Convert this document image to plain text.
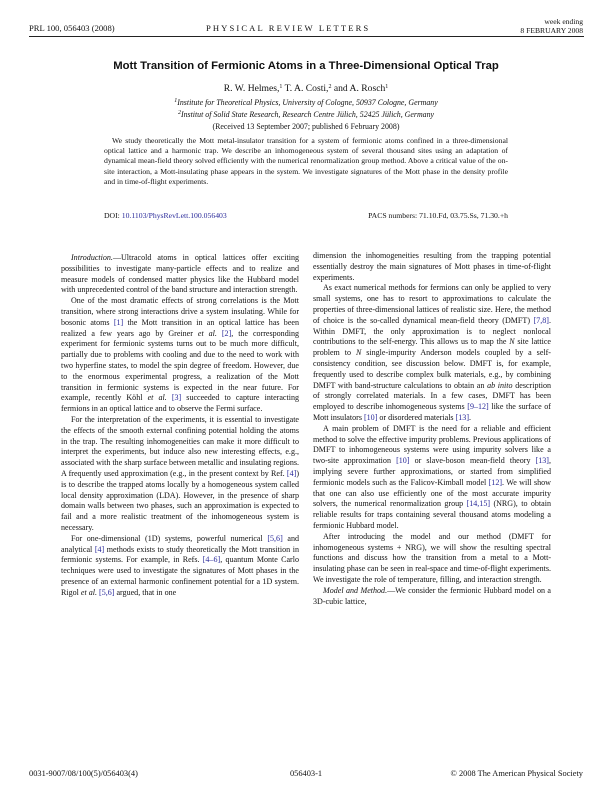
PRL 100, 056403 (2008)	PHYSICAL REVIEW LETTERS
week ending
8 FEBRUARY 2008
Mott Transition of Fermionic Atoms in a Three-Dimensional Optical Trap
R. W. Helmes,$^1$ T. A. Costi,$^2$ and A. Rosch$^1$
$^1$Institute for Theoretical Physics, University of Cologne, 50937 Cologne, Germany
$^2$Institut of Solid State Research, Research Centre Jülich, 52425 Jülich, Germany
(Received 13 September 2007; published 6 February 2008)
We study theoretically the Mott metal-insulator transition for a system of fermionic atoms confined in a three-dimensional optical lattice and a harmonic trap. We describe an inhomogeneous system of several thousand sites using an adaptation of dynamical mean-field theory solved efficiently with the numerical renormalization group method. Above a critical value of the on-site interaction, a Mott-insulating phase appears in the system. We investigate signatures of the Mott phase in the density profile and in time-of-flight experiments.
DOI: 10.1103/PhysRevLett.100.056403	PACS numbers: 71.10.Fd, 03.75.Ss, 71.30.+h

Introduction.—Ultracold atoms in optical lattices offer exciting possibilities to investigate many-particle effects and to realize and measure models of condensed matter physics like the Hubbard model with unprecedented control of the band structure and interaction strength.

One of the most dramatic effects of strong correlations is the Mott transition, where strong interactions drive a system insulating. While for bosonic atoms [1] the Mott transition in an optical lattice has been realized a few years ago by Greiner et al. [2], the corresponding experiment for fermionic systems turns out to be much more difficult, partially due to problems with cooling and due to the need to work with two hyperfine states, to model the spin degree of freedom. However, due to the enormous experimental progress, a realization of the Mott transition in fermionic systems is expected in the near future. For example, recently Köhl et al. [3] succeeded to capture interacting fermions in an optical lattice and to observe the Fermi surface.

For the interpretation of the experiments, it is essential to investigate the effects of the smooth external confining potential holding the atoms in the trap. The resulting inhomogeneities can make it more difficult to interpret the experiments, but induce also new interesting effects, e.g., associated with the sharp surface between metallic and insulating regions. A frequently used approximation (e.g., in the present context by Ref. [4]) is to describe the trapped atoms locally by a homogeneous system called local density approximation (LDA). However, in the presence of sharp domain walls between two phases, such an approximation is expected to fail and a more realistic treatment of the inhomogeneous system is necessary.

For one-dimensional (1D) systems, powerful numerical [5,6] and analytical [4] methods exists to study theoretically the Mott transition in fermionic systems. For example, in Refs. [4–6], quantum Monte Carlo techniques were used to investigate the signatures of Mott phases in the presence of an external harmonic confinement potential for a 1D system. Rigol et al. [5,6] argued, that in one

dimension the inhomogeneities resulting from the trapping potential essentially destroy the main signatures of Mott phases in time-of-flight experiments.

As exact numerical methods for fermions can only be applied to very small systems, one has to resort to approximations to calculate the properties of three-dimensional lattices of realistic size. Here, the method of choice is the so-called dynamical mean-field theory (DMFT) [7,8]. Within DMFT, the only approximation is to neglect nonlocal contributions to the self-energy. This allows us to map the N site lattice problem to N single-impurity Anderson models coupled by a self-consistency condition, see discussion below. DMFT is, for example, frequently used to describe complex bulk materials, e.g., by combining DMFT with band-structure calculations to obtain an ab inito description of strongly correlated materials. In a few cases, DMFT has been employed to describe inhomogeneous systems [9–12] like the surface of Mott insulators [10] or disordered materials [13].

A main problem of DMFT is the need for a reliable and efficient method to solve the effective impurity problems. Previous applications of DMFT to inhomogeneous systems were using impurity solvers like a two-site approximation [10] or slave-boson mean-field theory [13], implying severe further approximations, or started from simplified fermionic models such as the Falicov-Kimball model [12]. We will show that one can also use efficiently one of the most accurate impurity solvers, the numerical renormalization group [14,15] (NRG), to obtain reliable results for traps containing several thousand atoms modeling a fermionic Hubbard model.

After introducing the model and our method (DMFT for inhomogeneous systems + NRG), we will show the resulting spectral functions and discuss how the transition from a metal to a Mott-insulating phase can be seen in real-space and time-of-flight experiments. We investigate the role of temperature, filling, and interaction strength.

Model and Method.—We consider the fermionic Hubbard model on a 3D-cubic lattice,

0031-9007/08/100(5)/056403(4)	056403-1	© 2008 The American Physical Society
